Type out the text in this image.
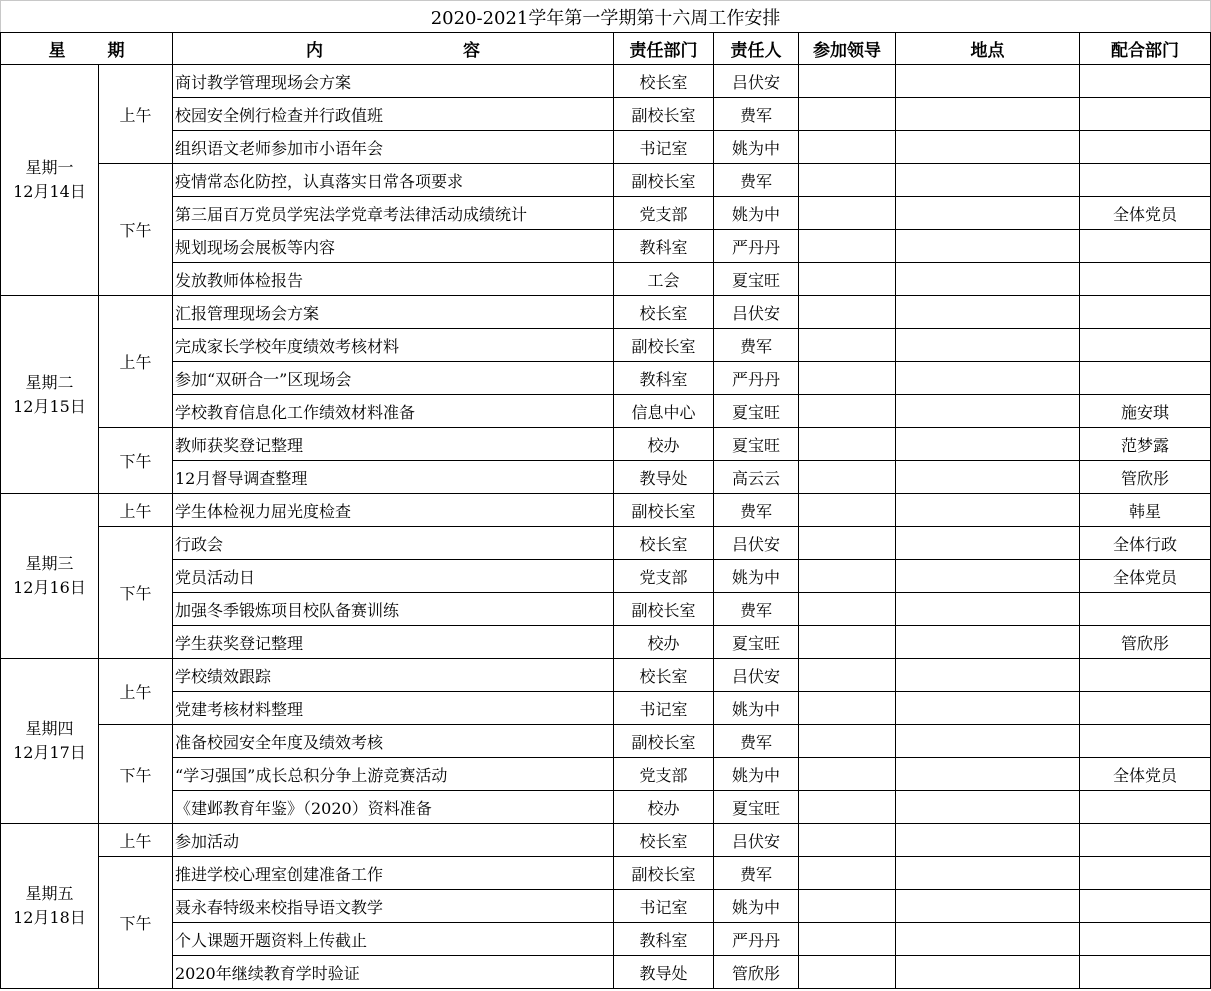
2020-2021学年第一学期第十六周工作安排							
星 期		内 容	责任部门	责任人	参加领导	地点	配合部门

星期一
12月14日	上午	商讨教学管理现场会方案	校长室	吕伏安			
		校园安全例行检查并行政值班	副校长室	费军			
		组织语文老师参加市小语年会	书记室	姚为中			
	下午	疫情常态化防控，认真落实日常各项要求	副校长室	费军			
		第三届百万党员学宪法学党章考法律活动成绩统计	党支部	姚为中			全体党员
		规划现场会展板等内容	教科室	严丹丹			
		发放教师体检报告	工会	夏宝旺			

星期二
12月15日	上午	汇报管理现场会方案	校长室	吕伏安			
		完成家长学校年度绩效考核材料	副校长室	费军			
		参加“双研合一”区现场会	教科室	严丹丹			
		学校教育信息化工作绩效材料准备	信息中心	夏宝旺			施安琪
	下午	教师获奖登记整理	校办	夏宝旺			范梦露
		12月督导调查整理	教导处	高云云			管欣彤

星期三
12月16日	上午	学生体检视力屈光度检查	副校长室	费军			韩星
	下午	行政会	校长室	吕伏安			全体行政
		党员活动日	党支部	姚为中			全体党员
		加强冬季锻炼项目校队备赛训练	副校长室	费军			
		学生获奖登记整理	校办	夏宝旺			管欣彤

星期四
12月17日	上午	学校绩效跟踪	校长室	吕伏安			
		党建考核材料整理	书记室	姚为中			
	下午	准备校园安全年度及绩效考核	副校长室	费军			
		“学习强国”成长总积分争上游竞赛活动	党支部	姚为中			全体党员
		《建邺教育年鉴》（2020）资料准备	校办	夏宝旺			

星期五
12月18日	上午	参加活动	校长室	吕伏安			
	下午	推进学校心理室创建准备工作	副校长室	费军			
		聂永春特级来校指导语文教学	书记室	姚为中			
		个人课题开题资料上传截止	教科室	严丹丹			
		2020年继续教育学时验证	教导处	管欣彤			
